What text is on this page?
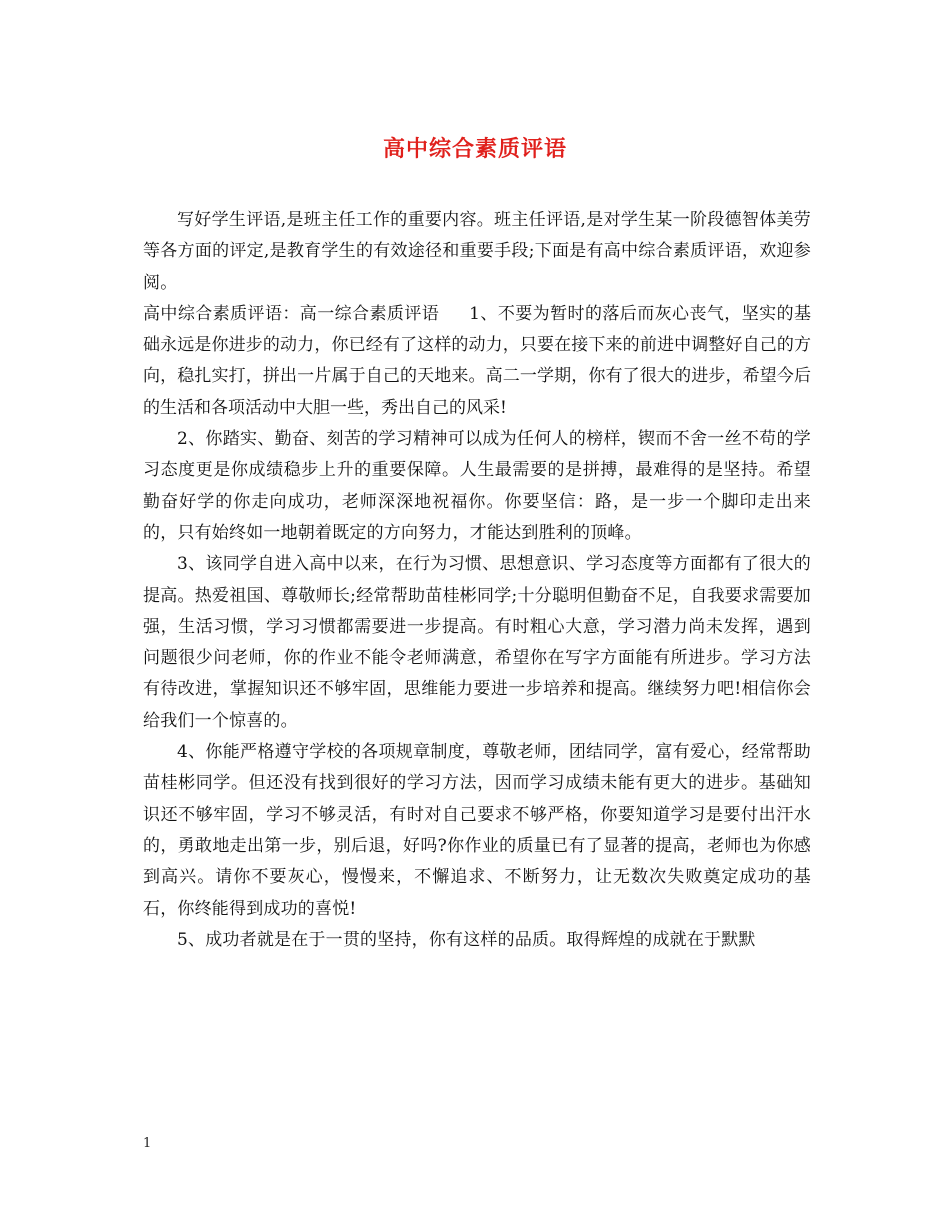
高中综合素质评语

写好学生评语,是班主任工作的重要内容。班主任评语,是对学生某一阶段德智体美劳等各方面的评定,是教育学生的有效途径和重要手段;下面是有高中综合素质评语，欢迎参阅。

高中综合素质评语：高一综合素质评语 1、不要为暂时的落后而灰心丧气，坚实的基础永远是你进步的动力，你已经有了这样的动力，只要在接下来的前进中调整好自己的方向，稳扎实打，拼出一片属于自己的天地来。高二一学期，你有了很大的进步，希望今后的生活和各项活动中大胆一些，秀出自己的风采!

2、你踏实、勤奋、刻苦的学习精神可以成为任何人的榜样，锲而不舍一丝不苟的学习态度更是你成绩稳步上升的重要保障。人生最需要的是拼搏，最难得的是坚持。希望勤奋好学的你走向成功，老师深深地祝福你。你要坚信：路，是一步一个脚印走出来的，只有始终如一地朝着既定的方向努力，才能达到胜利的顶峰。

3、该同学自进入高中以来，在行为习惯、思想意识、学习态度等方面都有了很大的提高。热爱祖国、尊敬师长;经常帮助苗桂彬同学;十分聪明但勤奋不足，自我要求需要加强，生活习惯，学习习惯都需要进一步提高。有时粗心大意，学习潜力尚未发挥，遇到问题很少问老师，你的作业不能令老师满意，希望你在写字方面能有所进步。学习方法有待改进，掌握知识还不够牢固，思维能力要进一步培养和提高。继续努力吧!相信你会给我们一个惊喜的。

4、你能严格遵守学校的各项规章制度，尊敬老师，团结同学，富有爱心，经常帮助苗桂彬同学。但还没有找到很好的学习方法，因而学习成绩未能有更大的进步。基础知识还不够牢固，学习不够灵活，有时对自己要求不够严格，你要知道学习是要付出汗水的，勇敢地走出第一步，别后退，好吗?你作业的质量已有了显著的提高，老师也为你感到高兴。请你不要灰心，慢慢来，不懈追求、不断努力，让无数次失败奠定成功的基石，你终能得到成功的喜悦!

5、成功者就是在于一贯的坚持，你有这样的品质。取得辉煌的成就在于默默

1
